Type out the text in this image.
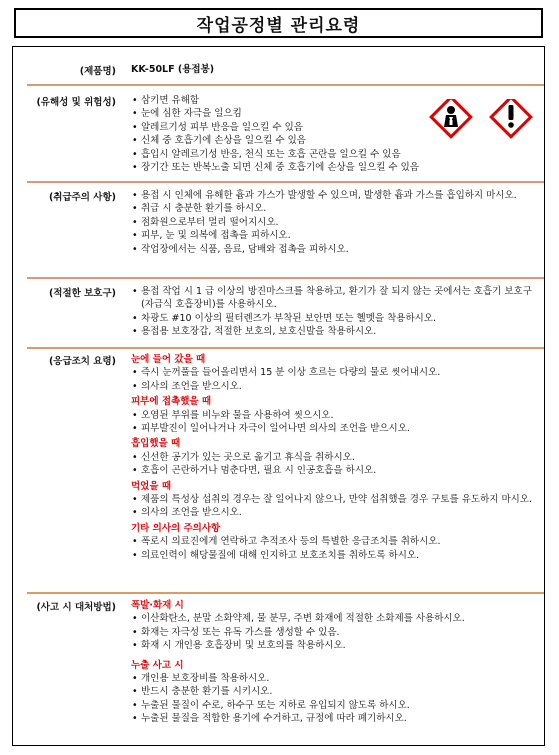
작업공정별 관리요령
(제품명) KK-50LF (용접봉)
(유해성 및 위험성) • 삼키면 유해함
• 눈에 심한 자극을 일으킴
• 알레르기성 피부 반응을 일으킬 수 있음
• 신체 중 호흡기에 손상을 일으킬 수 있음
• 흡입시 알레르기성 반응, 천식 또는 호흡 곤란을 일으킬 수 있음
• 장기간 또는 반복노출 되면 신체 중 호흡기에 손상을 일으킬 수 있음
(취급주의 사항) • 용접 시 인체에 유해한 흄과 가스가 발생할 수 있으며, 발생한 흄과 가스를 흡입하지 마시오.
• 취급 시 충분한 환기를 하시오.
• 점화원으로부터 멀리 떨어지시오.
• 피부, 눈 및 의복에 접촉을 피하시오.
• 작업장에서는 식품, 음료, 담배와 접촉을 피하시오.
(적절한 보호구) • 용접 작업 시 1 급 이상의 방진마스크를 착용하고, 환기가 잘 되지 않는 곳에서는 호흡기 보호구(자급식 호흡장비)를 사용하시오.
• 차광도 #10 이상의 필터렌즈가 부착된 보안면 또는 헬멧을 착용하시오.
• 용접용 보호장갑, 적절한 보호의, 보호신발을 착용하시오.
(응급조치 요령) 눈에 들어 갔을 때
• 즉시 눈꺼풀을 들어올리면서 15 분 이상 흐르는 다량의 물로 씻어내시오.
• 의사의 조언을 받으시오.
피부에 접촉했을 때
• 오염된 부위를 비누와 물을 사용하여 씻으시오.
• 피부발진이 일어나거나 자극이 일어나면 의사의 조언을 받으시오.
흡입했을 때
• 신선한 공기가 있는 곳으로 옮기고 휴식을 취하시오.
• 호흡이 곤란하거나 멈춘다면, 필요 시 인공호흡을 하시오.
먹었을 때
• 제품의 특성상 섭취의 경우는 잘 일어나지 않으나, 만약 섭취했을 경우 구토를 유도하지 마시오.
• 의사의 조언을 받으시오.
기타 의사의 주의사항
• 폭로시 의료진에게 연락하고 추적조사 등의 특별한 응급조치를 취하시오.
• 의료인력이 해당물질에 대해 인지하고 보호조치를 취하도록 하시오.
(사고 시 대처방법) 폭발·화재 시
• 이산화탄소, 분말 소화약제, 물 분무, 주변 화재에 적절한 소화제를 사용하시오.
• 화재는 자극성 또는 유독 가스를 생성할 수 있음.
• 화재 시 개인용 호흡장비 및 보호의를 착용하시오.
누출 사고 시
• 개인용 보호장비를 착용하시오.
• 반드시 충분한 환기를 시키시오.
• 누출된 물질이 수로, 하수구 또는 지하로 유입되지 않도록 하시오.
• 누출된 물질을 적합한 용기에 수거하고, 규정에 따라 폐기하시오.
